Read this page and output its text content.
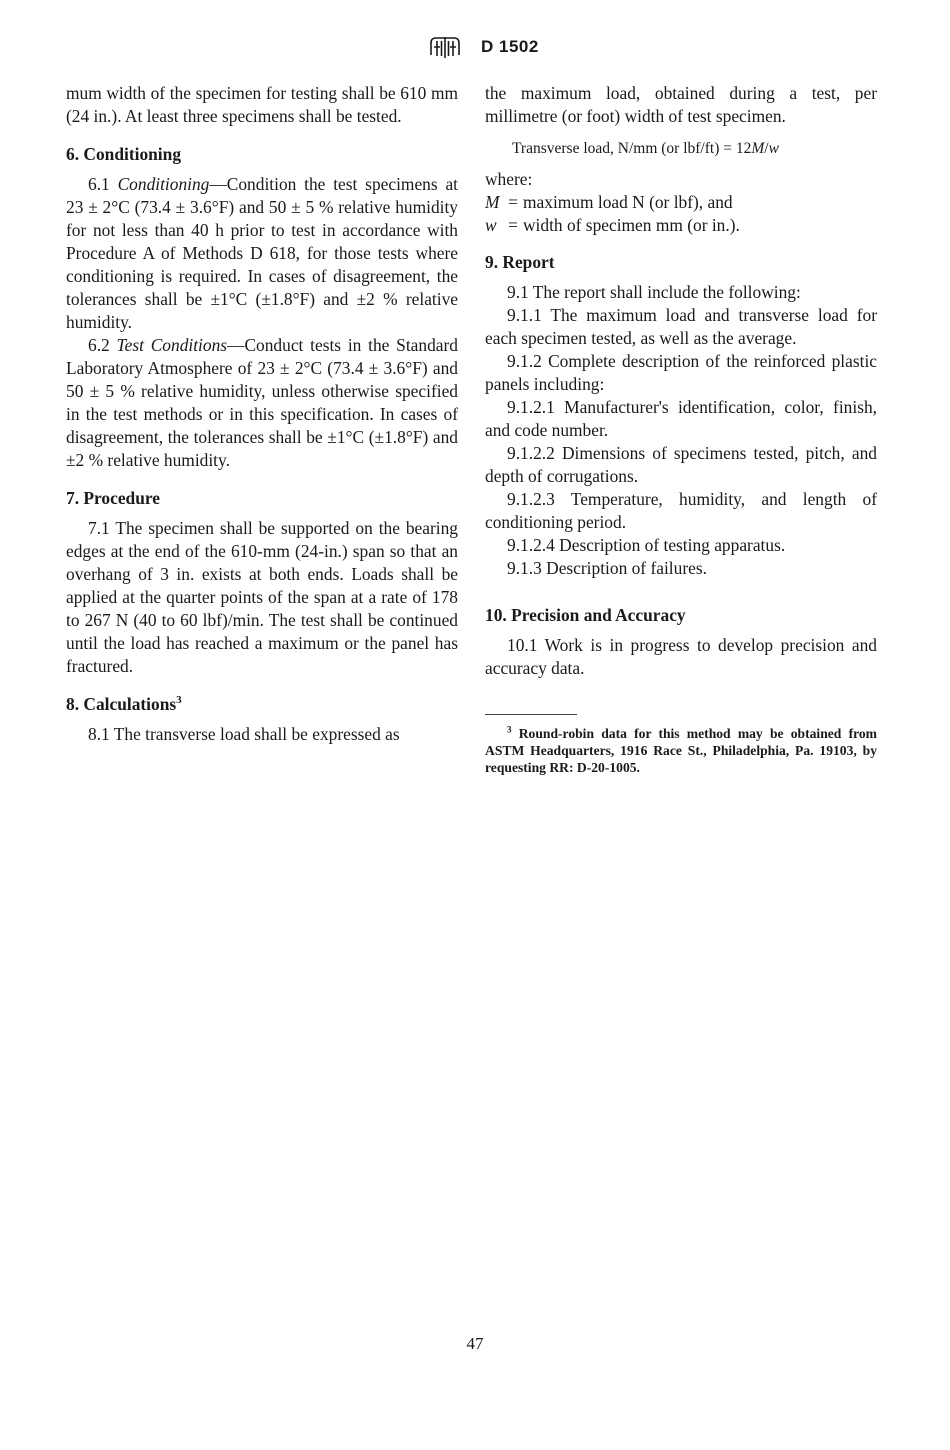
D 1502

mum width of the specimen for testing shall be 610 mm (24 in.). At least three specimens shall be tested.

6. Conditioning

6.1 Conditioning—Condition the test specimens at 23 ± 2°C (73.4 ± 3.6°F) and 50 ± 5 % relative humidity for not less than 40 h prior to test in accordance with Procedure A of Methods D 618, for those tests where conditioning is required. In cases of disagreement, the tolerances shall be ±1°C (±1.8°F) and ±2 % relative humidity.

6.2 Test Conditions—Conduct tests in the Standard Laboratory Atmosphere of 23 ± 2°C (73.4 ± 3.6°F) and 50 ± 5 % relative humidity, unless otherwise specified in the test methods or in this specification. In cases of disagreement, the tolerances shall be ±1°C (±1.8°F) and ±2 % relative humidity.

7. Procedure

7.1 The specimen shall be supported on the bearing edges at the end of the 610-mm (24-in.) span so that an overhang of 3 in. exists at both ends. Loads shall be applied at the quarter points of the span at a rate of 178 to 267 N (40 to 60 lbf)/min. The test shall be continued until the load has reached a maximum or the panel has fractured.

8. Calculations$^3$

8.1 The transverse load shall be expressed as

the maximum load, obtained during a test, per millimetre (or foot) width of test specimen.

Transverse load, N/mm (or lbf/ft) = 12M/w

where:

M = maximum load N (or lbf), and
w = width of specimen mm (or in.).
9. Report

9.1 The report shall include the following:

9.1.1 The maximum load and transverse load for each specimen tested, as well as the average.

9.1.2 Complete description of the reinforced plastic panels including:

9.1.2.1 Manufacturer's identification, color, finish, and code number.

9.1.2.2 Dimensions of specimens tested, pitch, and depth of corrugations.

9.1.2.3 Temperature, humidity, and length of conditioning period.

9.1.2.4 Description of testing apparatus.

9.1.3 Description of failures.

10. Precision and Accuracy

10.1 Work is in progress to develop precision and accuracy data.

$^3$ Round-robin data for this method may be obtained from ASTM Headquarters, 1916 Race St., Philadelphia, Pa. 19103, by requesting RR: D-20-1005.

47
